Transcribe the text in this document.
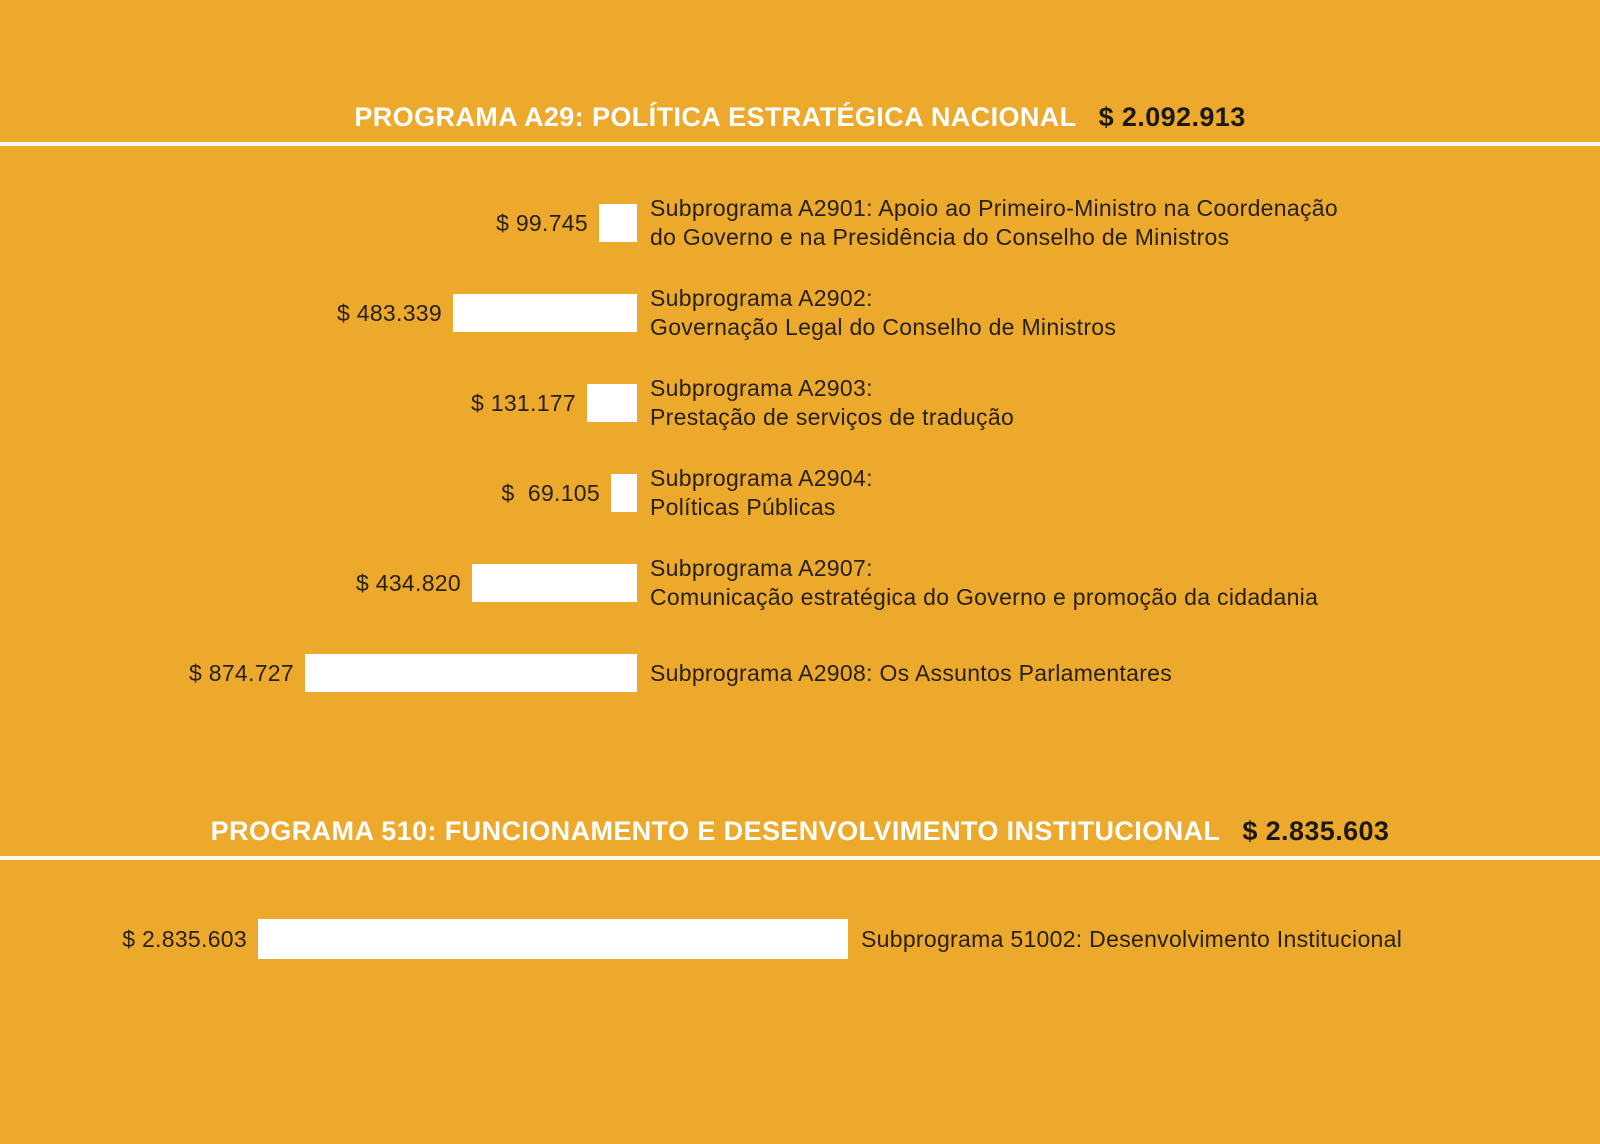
PROGRAMA A29: POLÍTICA ESTRATÉGICA NACIONAL $ 2.092.913
$ 99.745
Subprograma A2901: Apoio ao Primeiro-Ministro na Coordenação
do Governo e na Presidência do Conselho de Ministros
$ 483.339
Subprograma A2902:
Governação Legal do Conselho de Ministros
$ 131.177
Subprograma A2903:
Prestação de serviços de tradução
$  69.105
Subprograma A2904:
Políticas Públicas
$ 434.820
Subprograma A2907:
Comunicação estratégica do Governo e promoção da cidadania
$ 874.727	Subprograma A2908: Os Assuntos Parlamentares
PROGRAMA 510: FUNCIONAMENTO E DESENVOLVIMENTO INSTITUCIONAL $ 2.835.603
$ 2.835.603	Subprograma 51002: Desenvolvimento Institucional
